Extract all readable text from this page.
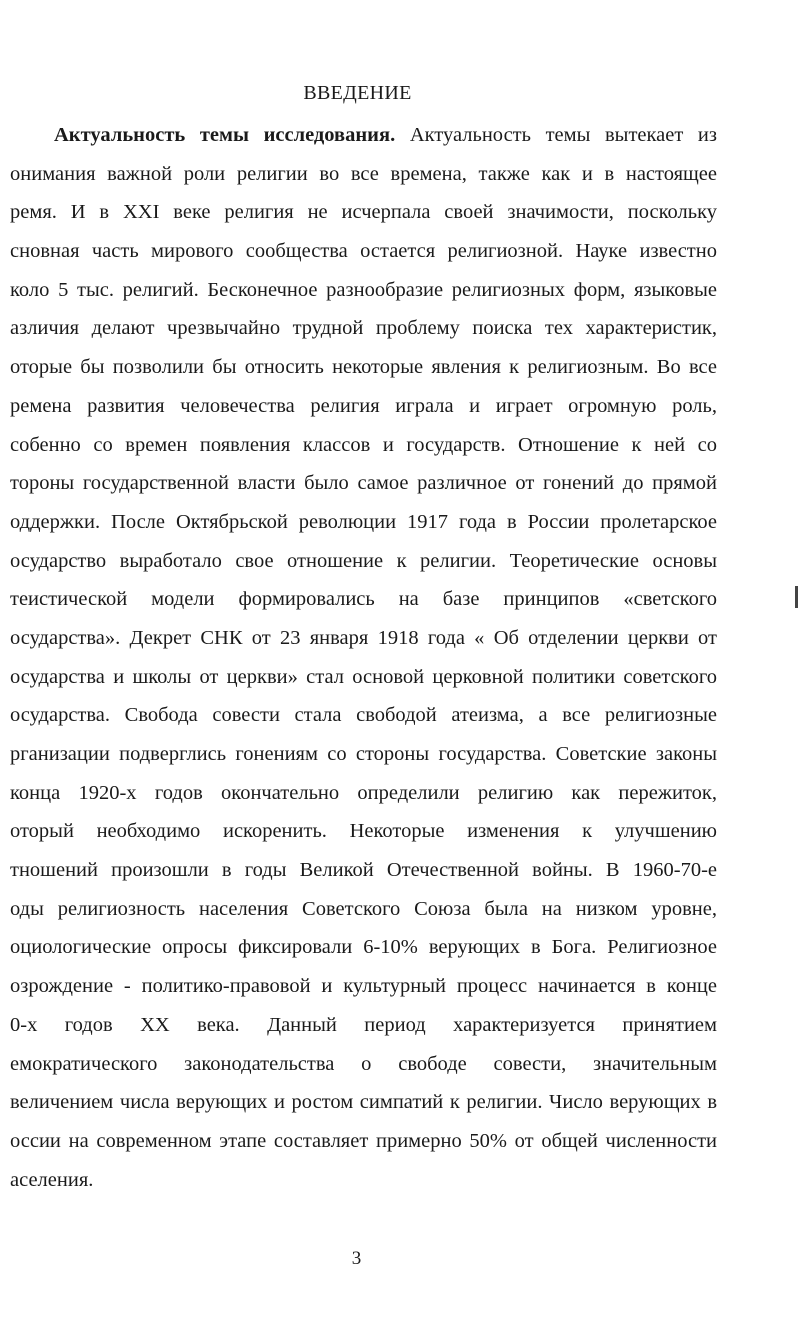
ВВЕДЕНИЕ
Актуальность темы исследования. Актуальность темы вытекает из
онимания важной роли религии во все времена, также как и в настоящее
ремя. И в XXI веке религия не исчерпала своей значимости, поскольку
сновная часть мирового сообщества остается религиозной. Науке известно
коло 5 тыс. религий. Бесконечное разнообразие религиозных форм, языковые
азличия делают чрезвычайно трудной проблему поиска тех характеристик,
оторые бы позволили бы относить некоторые явления к религиозным. Во все
ремена развития человечества религия играла и играет огромную роль,
собенно со времен появления классов и государств. Отношение к ней со
тороны государственной власти было самое различное от гонений до прямой
оддержки. После Октябрьской революции 1917 года в России пролетарское
осударство выработало свое отношение к религии. Теоретические основы
теистической модели формировались на базе принципов «светского
осударства». Декрет СНК от 23 января 1918 года « Об отделении церкви от
осударства и школы от церкви» стал основой церковной политики советского
осударства. Свобода совести стала свободой атеизма, а все религиозные
рганизации подверглись гонениям со стороны государства. Советские законы
конца 1920-х годов окончательно определили религию как пережиток,
оторый необходимо искоренить. Некоторые изменения к улучшению
тношений произошли в годы Великой Отечественной войны. В 1960-70-е
оды религиозность населения Советского Союза была на низком уровне,
оциологические опросы фиксировали 6-10% верующих в Бога. Религиозное
озрождение - политико-правовой и культурный процесс начинается в конце
0-х годов XX века. Данный период характеризуется принятием
емократического законодательства о свободе совести, значительным
величением числа верующих и ростом симпатий к религии. Число верующих в
оссии на современном этапе составляет примерно 50% от общей численности
аселения.
3
